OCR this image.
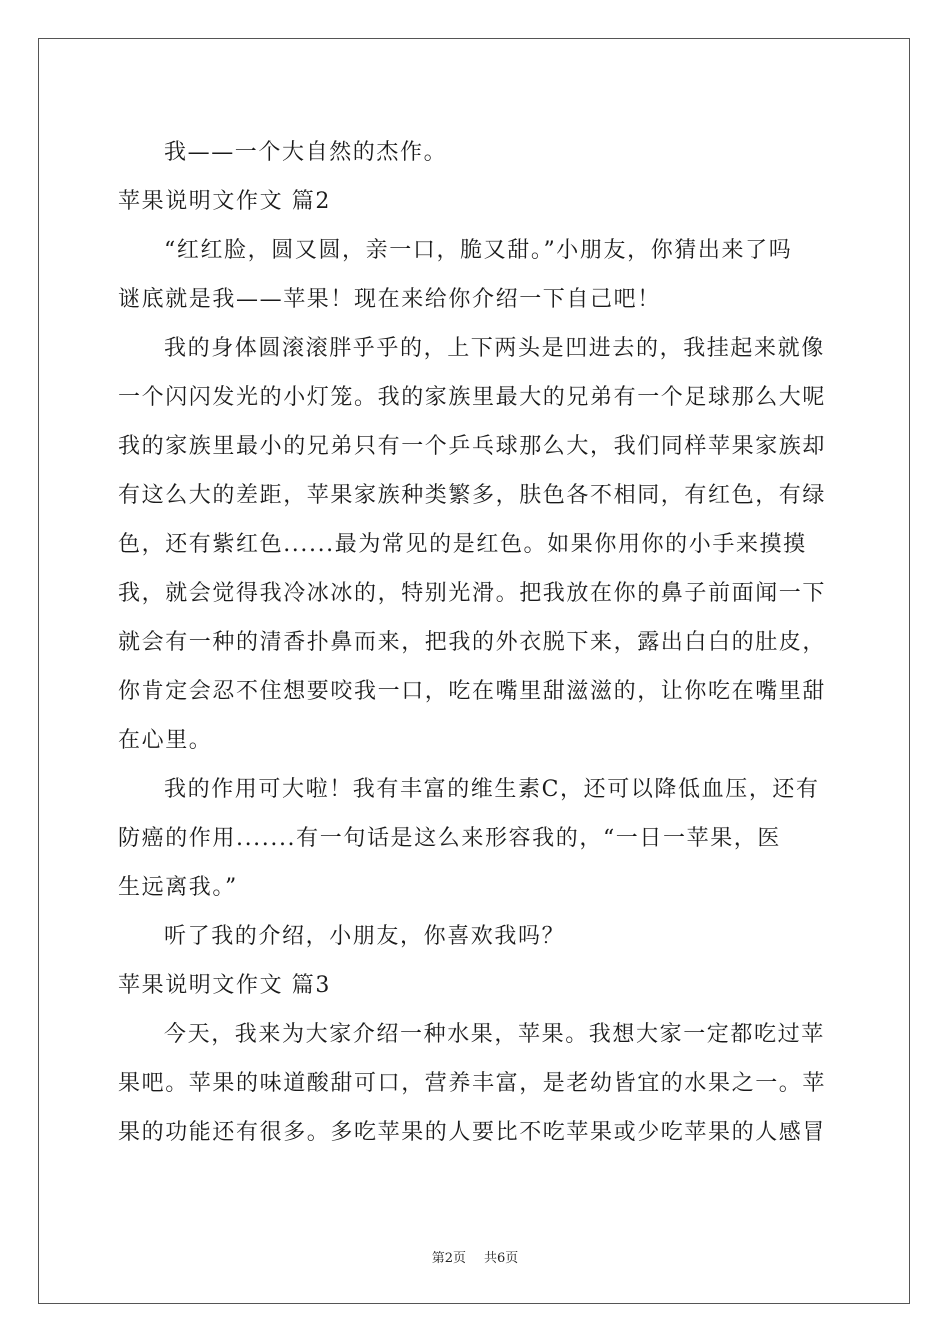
我——一个大自然的杰作。
苹果说明文作文 篇2
“红红脸，圆又圆，亲一口，脆又甜。”小朋友，你猜出来了吗
谜底就是我——苹果！现在来给你介绍一下自己吧！
我的身体圆滚滚胖乎乎的，上下两头是凹进去的，我挂起来就像
一个闪闪发光的小灯笼。我的家族里最大的兄弟有一个足球那么大呢
我的家族里最小的兄弟只有一个乒乓球那么大，我们同样苹果家族却
有这么大的差距，苹果家族种类繁多，肤色各不相同，有红色，有绿
色，还有紫红色......最为常见的是红色。如果你用你的小手来摸摸
我，就会觉得我冷冰冰的，特别光滑。把我放在你的鼻子前面闻一下
就会有一种的清香扑鼻而来，把我的外衣脱下来，露出白白的肚皮，
你肯定会忍不住想要咬我一口，吃在嘴里甜滋滋的，让你吃在嘴里甜
在心里。
我的作用可大啦！我有丰富的维生素C，还可以降低血压，还有
防癌的作用.......有一句话是这么来形容我的，“一日一苹果，医
生远离我。”
听了我的介绍，小朋友，你喜欢我吗？
苹果说明文作文 篇3
今天，我来为大家介绍一种水果，苹果。我想大家一定都吃过苹
果吧。苹果的味道酸甜可口，营养丰富，是老幼皆宜的水果之一。苹
果的功能还有很多。多吃苹果的人要比不吃苹果或少吃苹果的人感冒
第2页 共6页
